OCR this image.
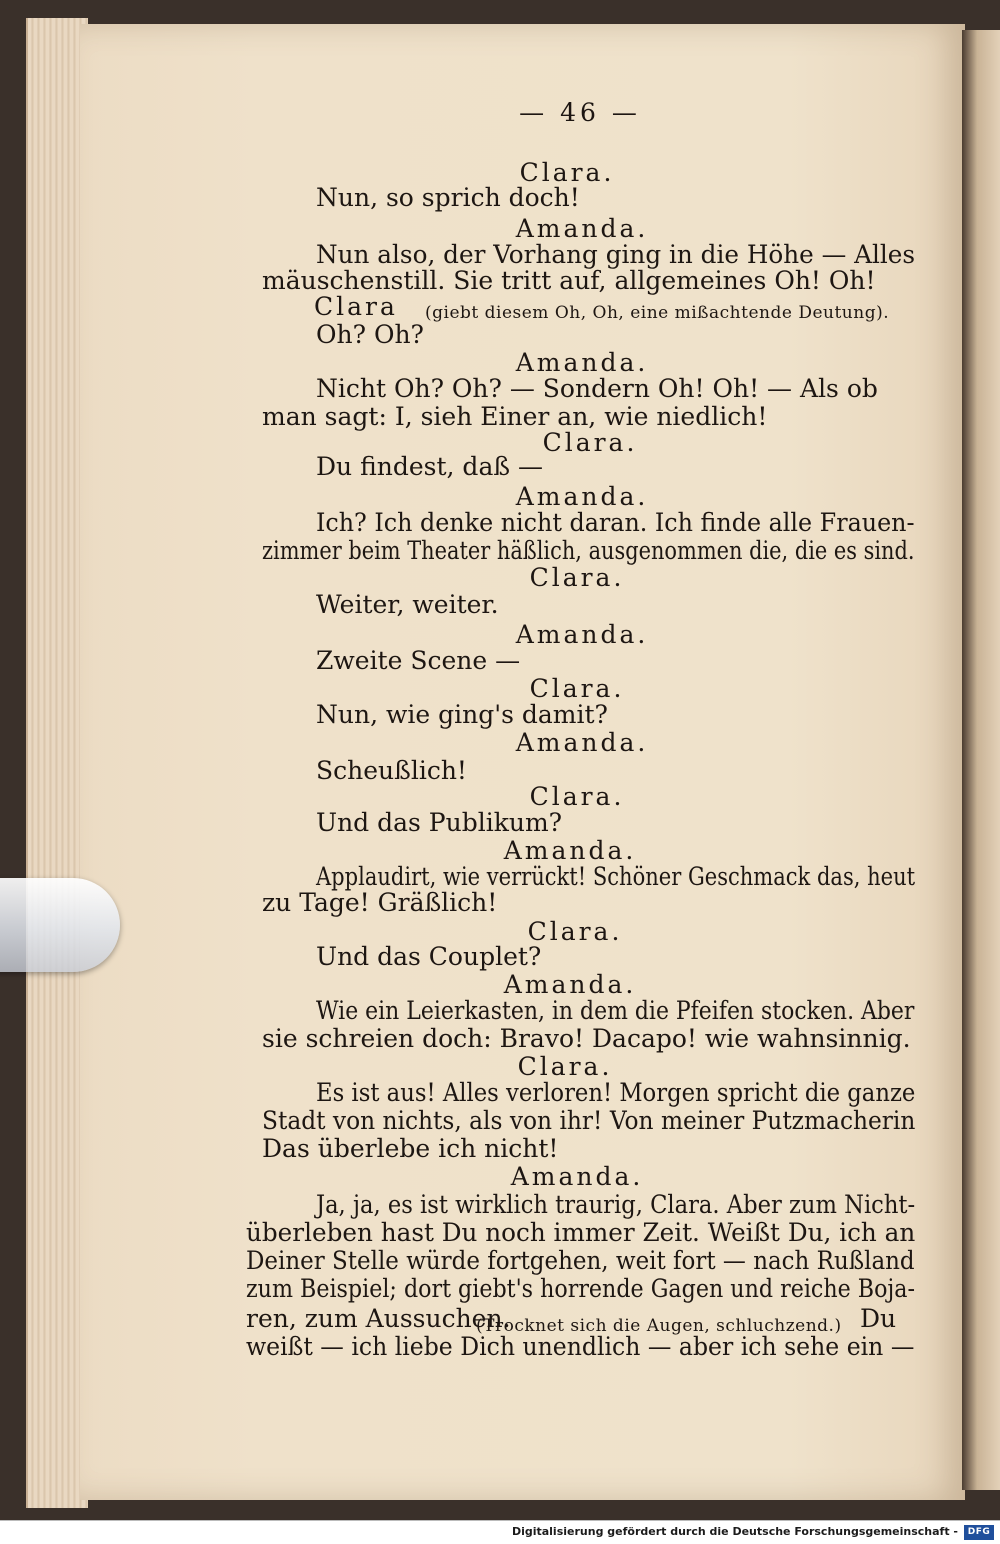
— 46 —
Clara.
Nun, so sprich doch!
Amanda.
Nun also, der Vorhang ging in die Höhe — Alles
mäuschenstill. Sie tritt auf, allgemeines Oh! Oh!
Clara (giebt diesem Oh, Oh, eine mißachtende Deutung).
Oh? Oh?
Amanda.
Nicht Oh? Oh? — Sondern Oh! Oh! — Als ob
man sagt: I, sieh Einer an, wie niedlich!
Clara.
Du findest, daß —
Amanda.
Ich? Ich denke nicht daran. Ich finde alle Frauen-
zimmer beim Theater häßlich, ausgenommen die, die es sind.
Clara.
Weiter, weiter.
Amanda.
Zweite Scene —
Clara.
Nun, wie ging's damit?
Amanda.
Scheußlich!
Clara.
Und das Publikum?
Amanda.
Applaudirt, wie verrückt! Schöner Geschmack das, heut
zu Tage! Gräßlich!
Clara.
Und das Couplet?
Amanda.
Wie ein Leierkasten, in dem die Pfeifen stocken. Aber
sie schreien doch: Bravo! Dacapo! wie wahnsinnig.
Clara.
Es ist aus! Alles verloren! Morgen spricht die ganze
Stadt von nichts, als von ihr! Von meiner Putzmacherin
Das überlebe ich nicht!
Amanda.
Ja, ja, es ist wirklich traurig, Clara. Aber zum Nicht-
überleben hast Du noch immer Zeit. Weißt Du, ich an
Deiner Stelle würde fortgehen, weit fort — nach Rußland
zum Beispiel; dort giebt's horrende Gagen und reiche Boja-
ren, zum Aussuchen.
(Trocknet sich die Augen, schluchzend.) Du
weißt — ich liebe Dich unendlich — aber ich sehe ein —
Digitalisierung gefördert durch die Deutsche Forschungsgemeinschaft -	DFG
